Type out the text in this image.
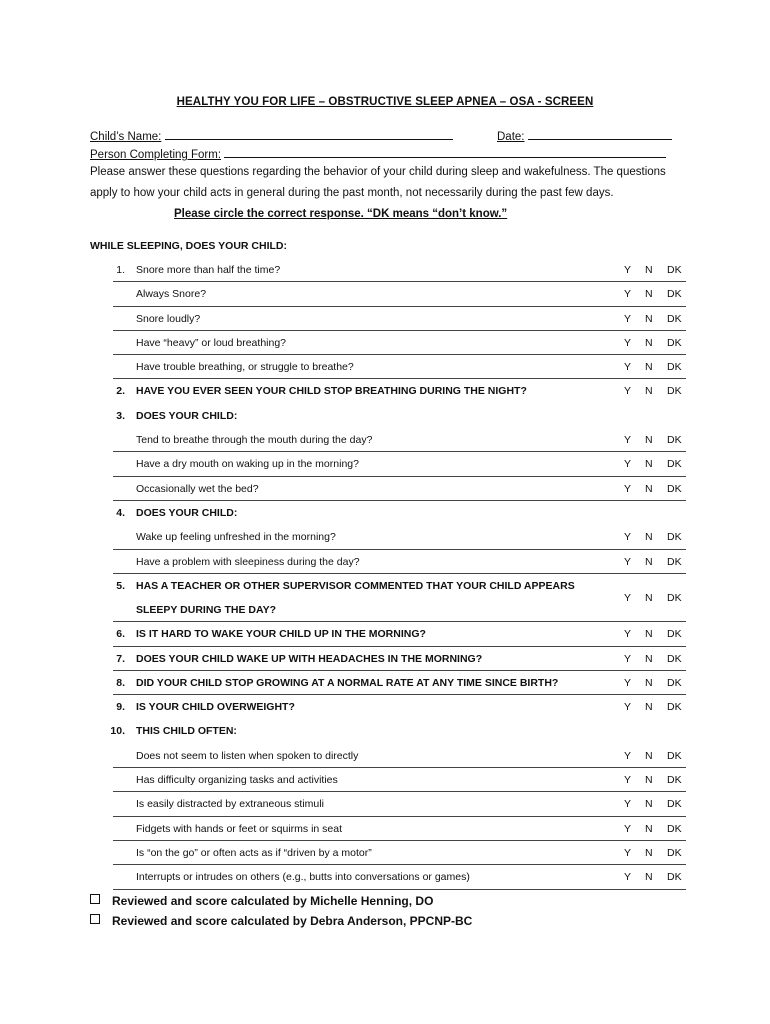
HEALTHY YOU FOR LIFE – OBSTRUCTIVE SLEEP APNEA – OSA - SCREEN
Child’s Name:	Date:
Person Completing Form:
Please answer these questions regarding the behavior of your child during sleep and wakefulness. The questions apply to how your child acts in general during the past month, not necessarily during the past few days. Please circle the correct response. “DK means “don’t know.”
WHILE SLEEPING, DOES YOUR CHILD:
1. Snore more than half the time?	Y N DK
Always Snore?	Y N DK
Snore loudly?	Y N DK
Have “heavy” or loud breathing?	Y N DK
Have trouble breathing, or struggle to breathe?	Y N DK
2. HAVE YOU EVER SEEN YOUR CHILD STOP BREATHING DURING THE NIGHT?	Y N DK
3. DOES YOUR CHILD:
Tend to breathe through the mouth during the day?	Y N DK
Have a dry mouth on waking up in the morning?	Y N DK
Occasionally wet the bed?	Y N DK
4. DOES YOUR CHILD:
Wake up feeling unfreshed in the morning?	Y N DK
Have a problem with sleepiness during the day?	Y N DK
5. HAS A TEACHER OR OTHER SUPERVISOR COMMENTED THAT YOUR CHILD APPEARS
SLEEPY DURING THE DAY?
Y N DK
6. IS IT HARD TO WAKE YOUR CHILD UP IN THE MORNING?	Y N DK
7. DOES YOUR CHILD WAKE UP WITH HEADACHES IN THE MORNING?	Y N DK
8. DID YOUR CHILD STOP GROWING AT A NORMAL RATE AT ANY TIME SINCE BIRTH?	Y N DK
9. IS YOUR CHILD OVERWEIGHT?	Y N DK
10. THIS CHILD OFTEN:
Does not seem to listen when spoken to directly	Y N DK
Has difficulty organizing tasks and activities	Y N DK
Is easily distracted by extraneous stimuli	Y N DK
Fidgets with hands or feet or squirms in seat	Y N DK
Is “on the go” or often acts as if “driven by a motor”	Y N DK
Interrupts or intrudes on others (e.g., butts into conversations or games)	Y N DK
Reviewed and score calculated by Michelle Henning, DO
Reviewed and score calculated by Debra Anderson, PPCNP-BC
